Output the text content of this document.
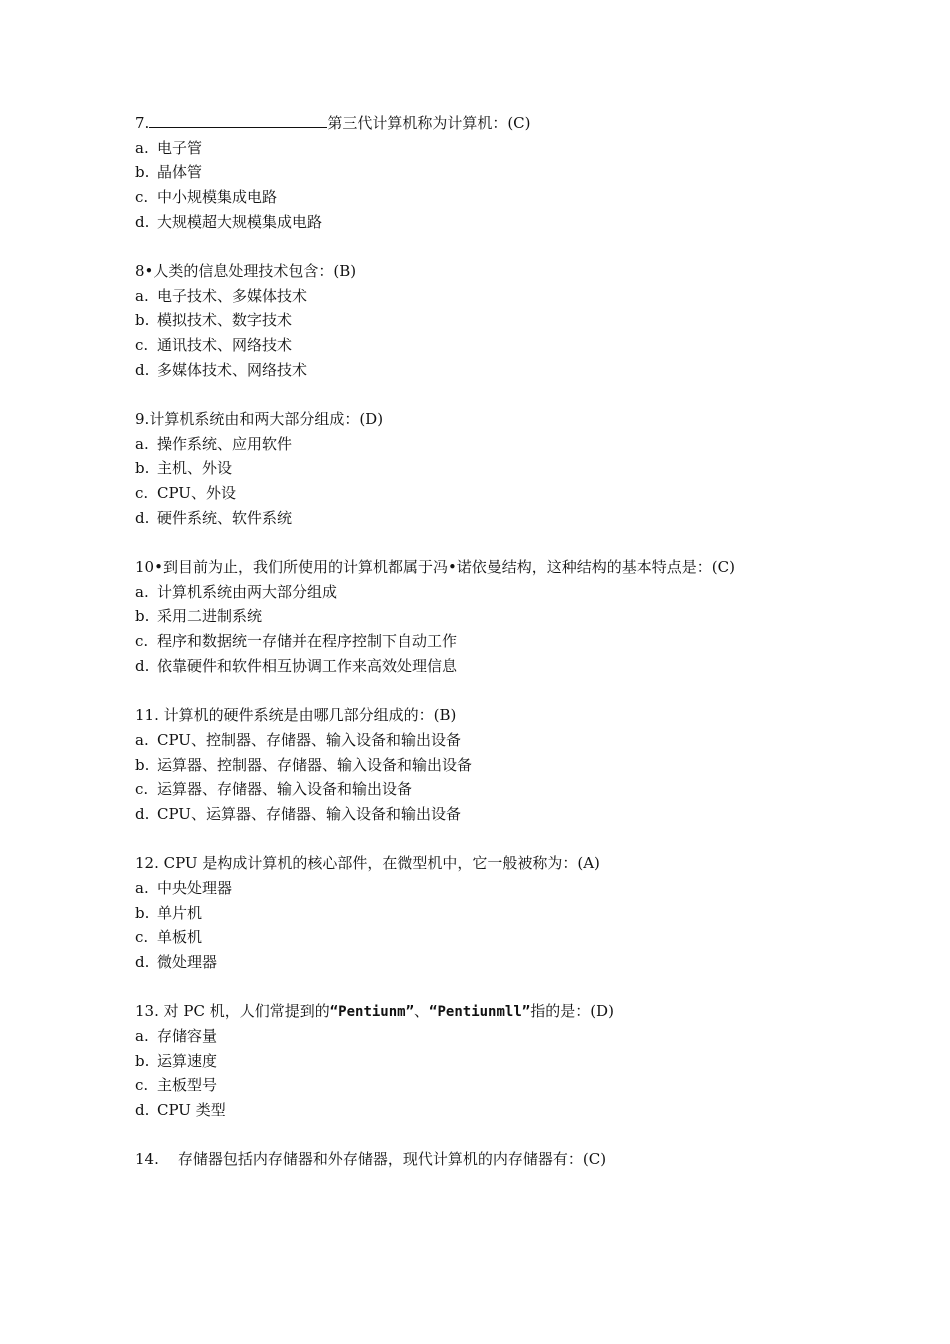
7.	第三代计算机称为计算机：(C)
a. 电子管
b. 晶体管
c. 中小规模集成电路
d. 大规模超大规模集成电路
8•人类的信息处理技术包含：(B)
a. 电子技术、多媒体技术
b. 模拟技术、数字技术
c. 通讯技术、网络技术
d. 多媒体技术、网络技术
9.计算机系统由和两大部分组成：(D)
a. 操作系统、应用软件
b. 主机、外设
c. CPU、外设
d. 硬件系统、软件系统
10•到目前为止，我们所使用的计算机都属于冯•诺依曼结构，这种结构的基本特点是：(C)
a. 计算机系统由两大部分组成
b. 采用二进制系统
c. 程序和数据统一存储并在程序控制下自动工作
d. 依靠硬件和软件相互协调工作来高效处理信息
11. 计算机的硬件系统是由哪几部分组成的：(B)
a. CPU、控制器、存储器、输入设备和输出设备
b. 运算器、控制器、存储器、输入设备和输出设备
c. 运算器、存储器、输入设备和输出设备
d. CPU、运算器、存储器、输入设备和输出设备
12. CPU 是构成计算机的核心部件，在微型机中，它一般被称为：(A)
a. 中央处理器
b. 单片机
c. 单板机
d. 微处理器
13. 对 PC 机，人们常提到的“Pentiunm”、“Pentiunmll”指的是：(D)
a. 存储容量
b. 运算速度
c. 主板型号
d. CPU 类型
14.    存储器包括内存储器和外存储器，现代计算机的内存储器有：(C)
